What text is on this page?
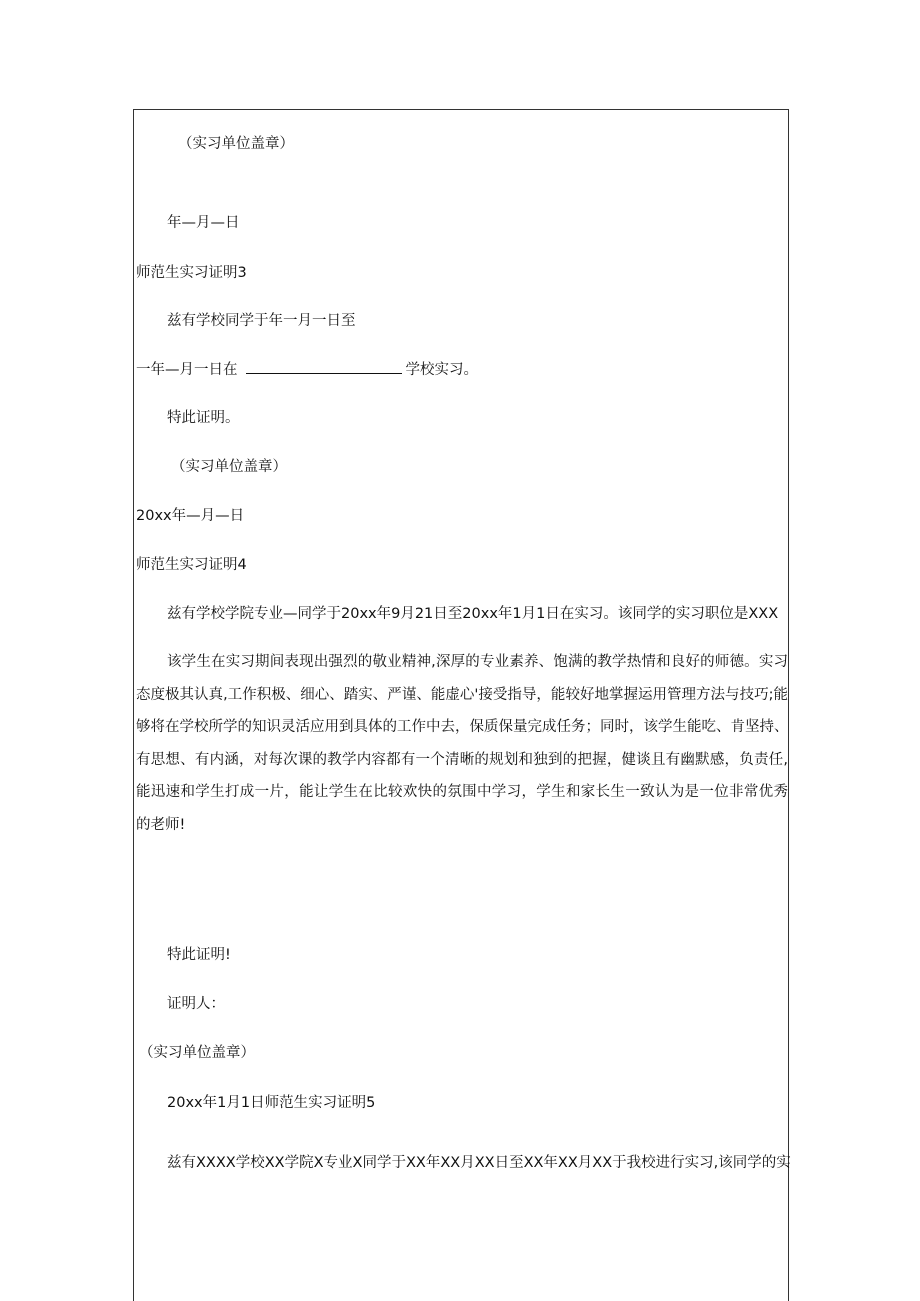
（实习单位盖章）
年—月—日
师范生实习证明3
兹有学校同学于年一月一日至
一年—月一日在	学校实习。
特此证明。
（实习单位盖章）
20xx年—月—日
师范生实习证明4
兹有学校学院专业—同学于20xx年9月21日至20xx年1月1日在实习。该同学的实习职位是XXX
该学生在实习期间表现出强烈的敬业精神,深厚的专业素养、饱满的教学热情和良好的师德。实习
态度极其认真,工作积极、细心、踏实、严谨、能虚心'接受指导，能较好地掌握运用管理方法与技巧;能
够将在学校所学的知识灵活应用到具体的工作中去，保质保量完成任务；同时，该学生能吃、肯坚持、
有思想、有内涵，对每次课的教学内容都有一个清晰的规划和独到的把握，健谈且有幽默感，负责任,
能迅速和学生打成一片，能让学生在比较欢快的氛围中学习，学生和家长生一致认为是一位非常优秀
的老师!
特此证明!
证明人：
（实习单位盖章）
20xx年1月1日师范生实习证明5
兹有XXXX学校XX学院X专业X同学于XX年XX月XX日至XX年XX月XX于我校进行实习,该同学的实
